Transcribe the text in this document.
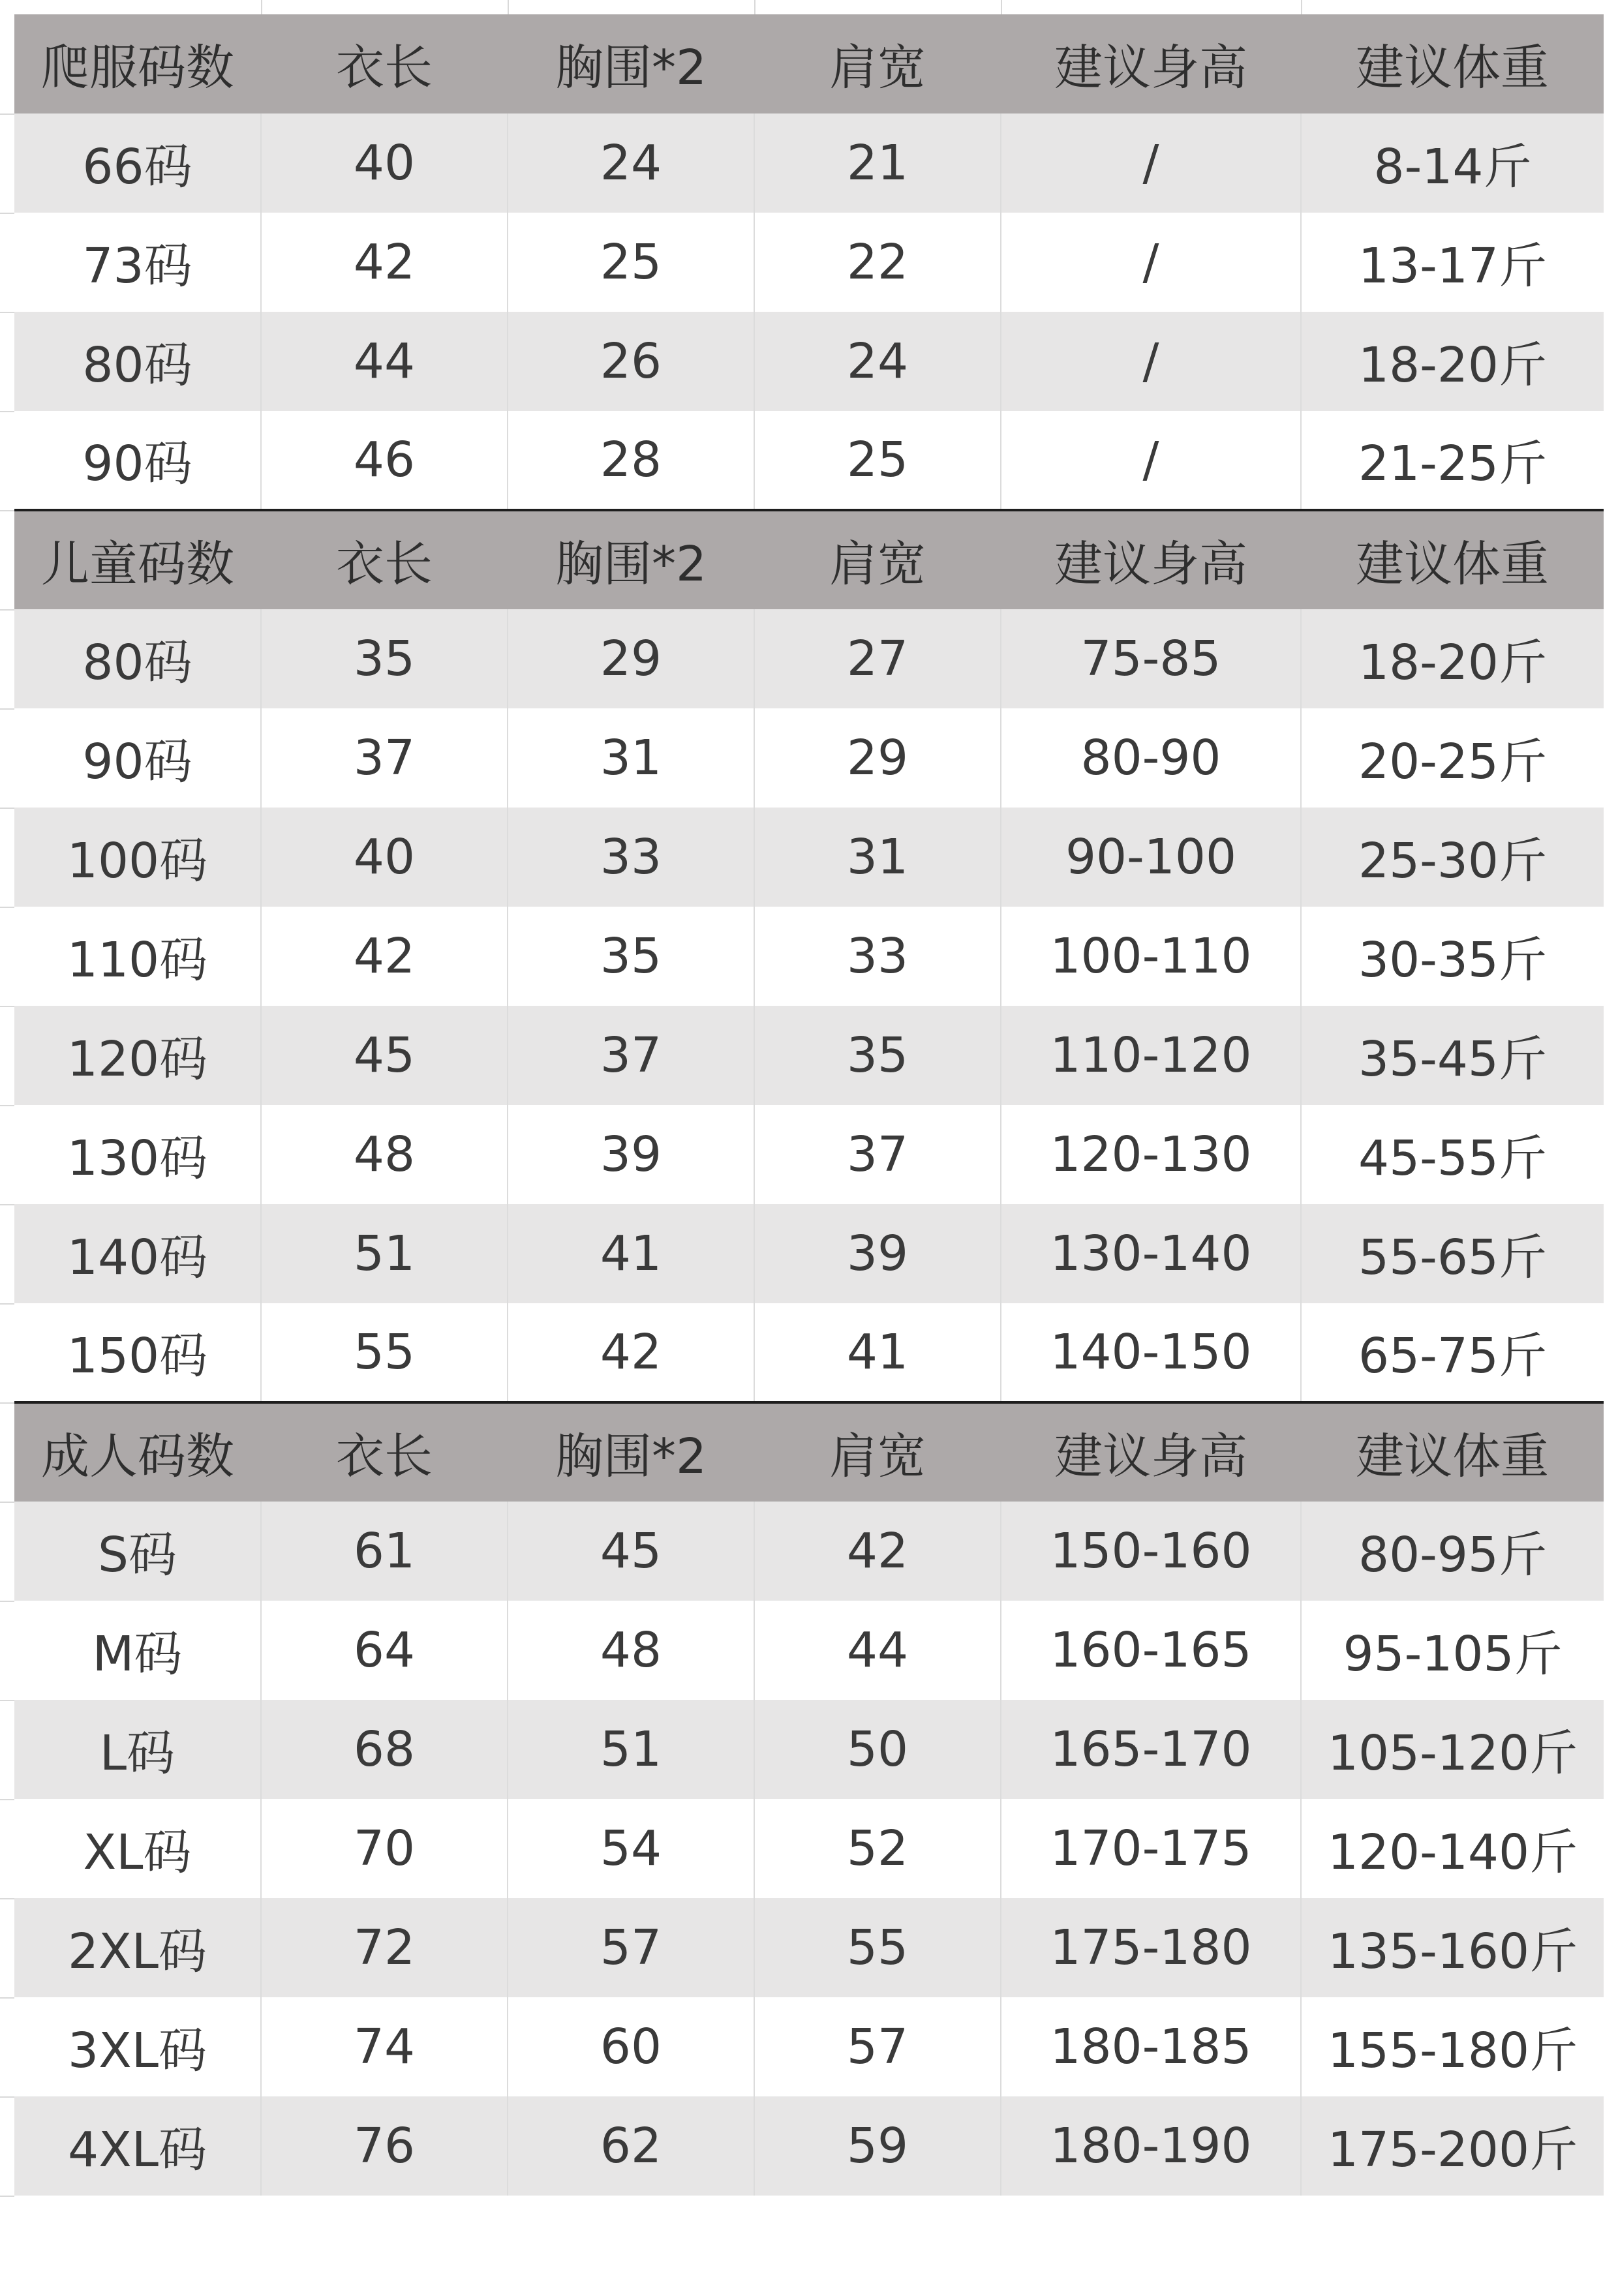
爬服码数	衣长	胸围*2	肩宽	建议身高	建议体重
66码	40	24	21	/	8-14斤
73码	42	25	22	/	13-17斤
80码	44	26	24	/	18-20斤
90码	46	28	25	/	21-25斤
儿童码数	衣长	胸围*2	肩宽	建议身高	建议体重
80码	35	29	27	75-85	18-20斤
90码	37	31	29	80-90	20-25斤
100码	40	33	31	90-100	25-30斤
110码	42	35	33	100-110	30-35斤
120码	45	37	35	110-120	35-45斤
130码	48	39	37	120-130	45-55斤
140码	51	41	39	130-140	55-65斤
150码	55	42	41	140-150	65-75斤
成人码数	衣长	胸围*2	肩宽	建议身高	建议体重
S码	61	45	42	150-160	80-95斤
M码	64	48	44	160-165	95-105斤
L码	68	51	50	165-170	105-120斤
XL码	70	54	52	170-175	120-140斤
2XL码	72	57	55	175-180	135-160斤
3XL码	74	60	57	180-185	155-180斤
4XL码	76	62	59	180-190	175-200斤
